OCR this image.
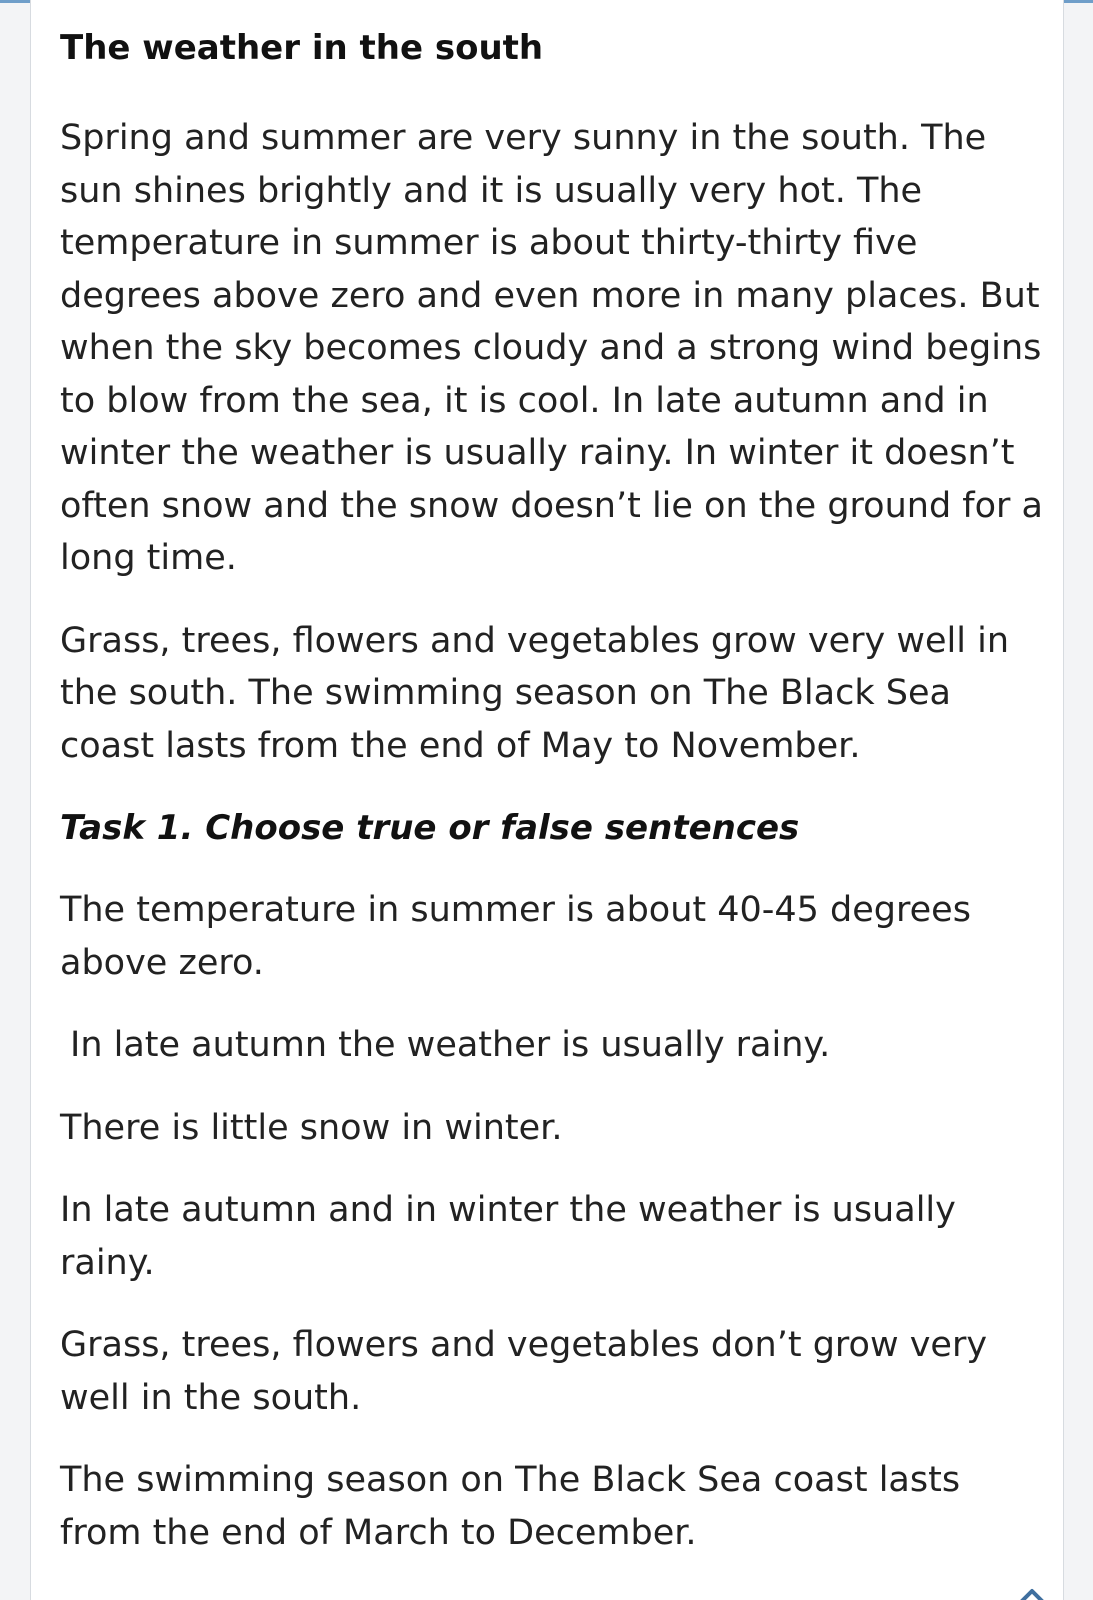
The weather in the south

Spring and summer are very sunny in the south. The sun shines brightly and it is usually very hot. The temperature in summer is about thirty-thirty five degrees above zero and even more in many places. But when the sky becomes cloudy and a strong wind begins to blow from the sea, it is cool. In late autumn and in winter the weather is usually rainy. In winter it doesn’t often snow and the snow doesn’t lie on the ground for a long time.

Grass, trees, flowers and vegetables grow very well in the south. The swimming season on The Black Sea coast lasts from the end of May to November.

Task 1. Choose true or false sentences

The temperature in summer is about 40-45 degrees above zero.

In late autumn the weather is usually rainy.

There is little snow in winter.

In late autumn and in winter the weather is usually rainy.

Grass, trees, flowers and vegetables don’t grow very well in the south.

The swimming season on The Black Sea coast lasts from the end of March to December.
